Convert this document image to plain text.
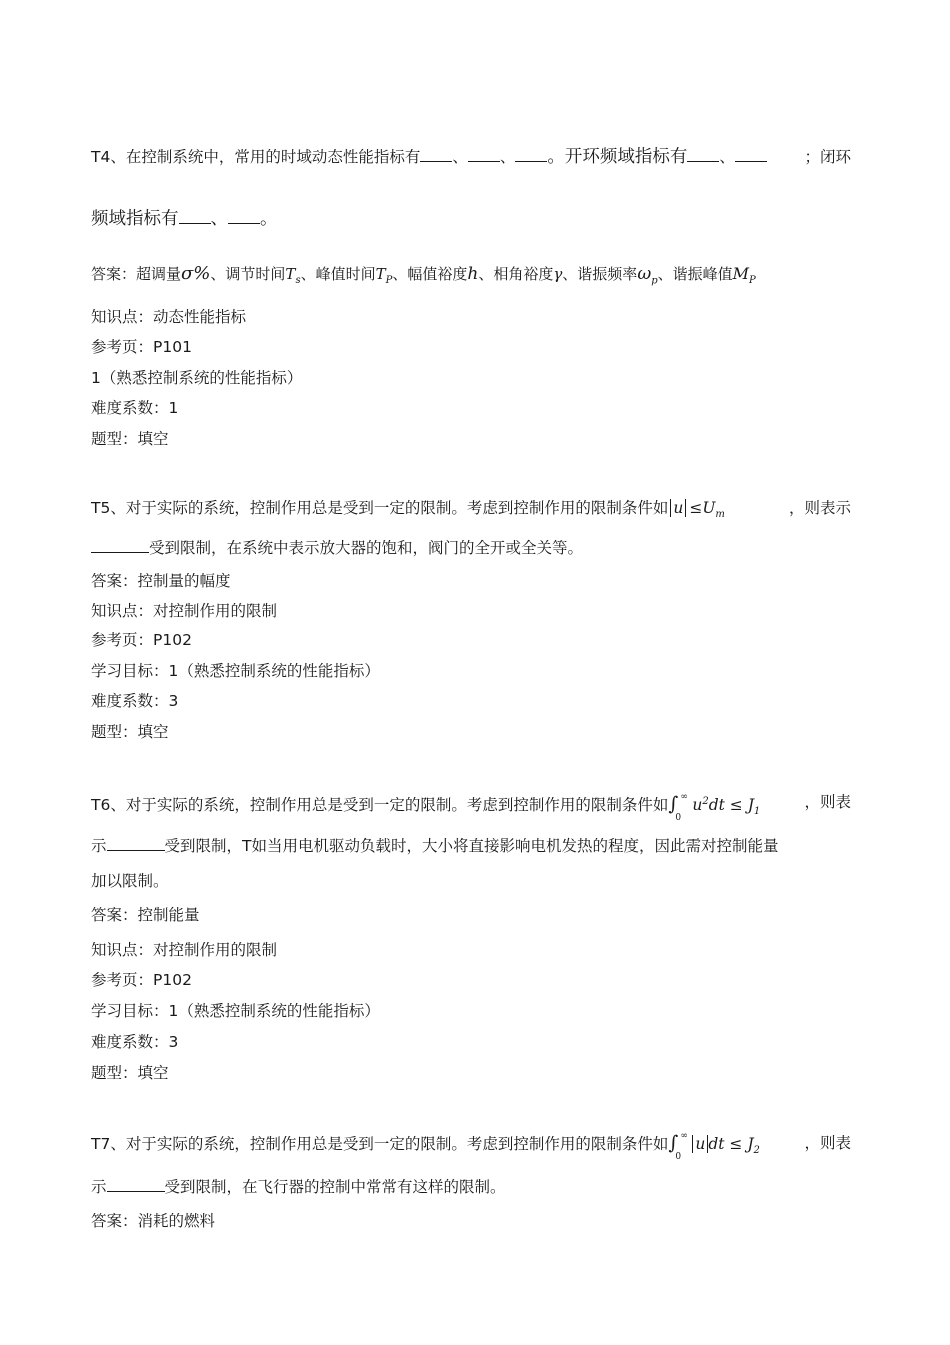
T4、在控制系统中，常用的时域动态性能指标有 、 、 。开环频域指标有 、	；闭环
频域指标有 、 。
答案：超调量σ%、调节时间$T_s$、峰值时间$T_P$、幅值裕度h、相角裕度γ、谐振频率$\omega_p$、谐振峰值$M_P$
知识点：动态性能指标
参考页：P101
1（熟悉控制系统的性能指标）
难度系数：1
题型：填空
T5、对于实际的系统，控制作用总是受到一定的限制。考虑到控制作用的限制条件如 $u \le U_m$	，则表示
受到限制，在系统中表示放大器的饱和，阀门的全开或全关等。
答案：控制量的幅度
知识点：对控制作用的限制
参考页：P102
学习目标：1（熟悉控制系统的性能指标）
难度系数：3
题型：填空
T6、对于实际的系统，控制作用总是受到一定的限制。考虑到控制作用的限制条件如∫ ∞
0
$u^2dt \le J_1$
，则表
示	受到限制，T如当用电机驱动负载时，大小将直接影响电机发热的程度，因此需对控制能量
加以限制。
答案：控制能量
知识点：对控制作用的限制
参考页：P102
学习目标：1（熟悉控制系统的性能指标）
难度系数：3
题型：填空
T7、对于实际的系统，控制作用总是受到一定的限制。考虑到控制作用的限制条件如∫ ∞
0
u dt ≤ $J_2$	，则表
示	受到限制，在飞行器的控制中常常有这样的限制。
答案：消耗的燃料
